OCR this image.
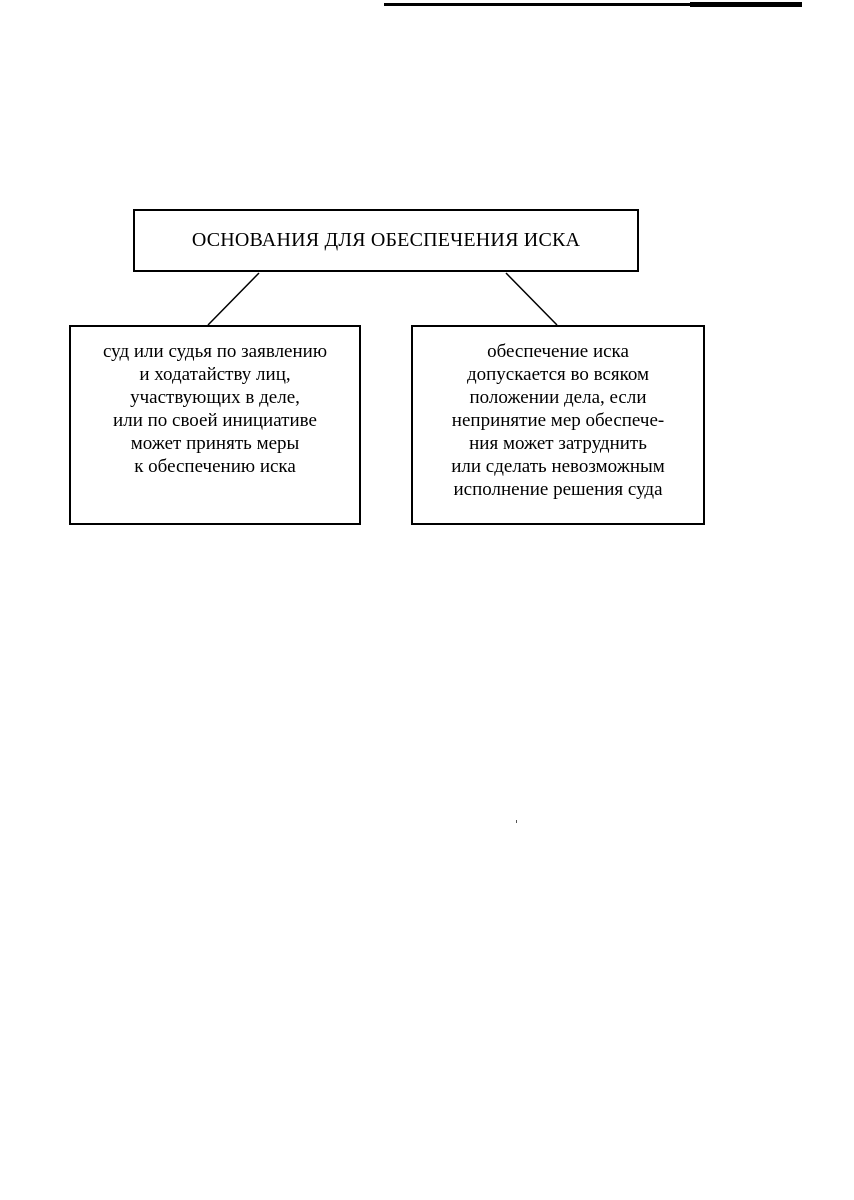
ОСНОВАНИЯ ДЛЯ ОБЕСПЕЧЕНИЯ ИСКА
суд или судья по заявлению
и ходатайству лиц,
участвующих в деле,
или по своей инициативе
может принять меры
к обеспечению иска
обеспечение иска
допускается во всяком
положении дела, если
непринятие мер обеспече-
ния может затруднить
или сделать невозможным
исполнение решения суда
